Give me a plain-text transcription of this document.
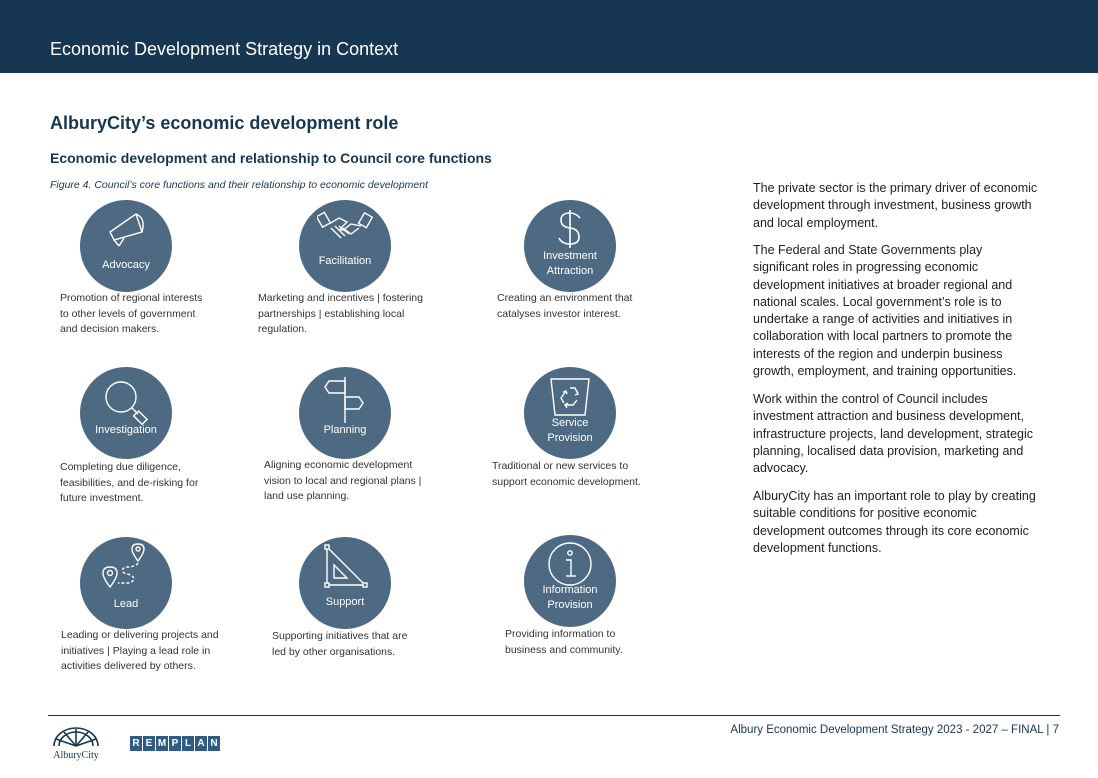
Economic Development Strategy in Context
AlburyCity’s economic development role
Economic development and relationship to Council core functions
Figure 4. Council’s core functions and their relationship to economic development
Advocacy
Promotion of regional interests
to other levels of government
and decision makers.
Facilitation
Marketing and incentives | fostering
partnerships | establishing local
regulation.
Investment
Attraction
Creating an environment that
catalyses investor interest.
Investigation
Completing due diligence,
feasibilities, and de-risking for
future investment.
Planning
Aligning economic development
vision to local and regional plans |
land use planning.
Service
Provision
Traditional or new services to
support economic development.
Lead
Leading or delivering projects and
initiatives | Playing a lead role in
activities delivered by others.
Support
Supporting initiatives that are
led by other organisations.
Information
Provision
Providing information to
business and community.
The private sector is the primary driver of economic
development through investment, business growth
and local employment.
The Federal and State Governments play
significant roles in progressing economic
development initiatives at broader regional and
national scales. Local government’s role is to
undertake a range of activities and initiatives in
collaboration with local partners to promote the
interests of the region and underpin business
growth, employment, and training opportunities.
Work within the control of Council includes
investment attraction and business development,
infrastructure projects, land development, strategic
planning, localised data provision, marketing and
advocacy.
AlburyCity has an important role to play by creating
suitable conditions for positive economic
development outcomes through its core economic
development functions.
Albury Economic Development Strategy 2023 - 2027 – FINAL | 7
AlburyCity
R E M P L A N
